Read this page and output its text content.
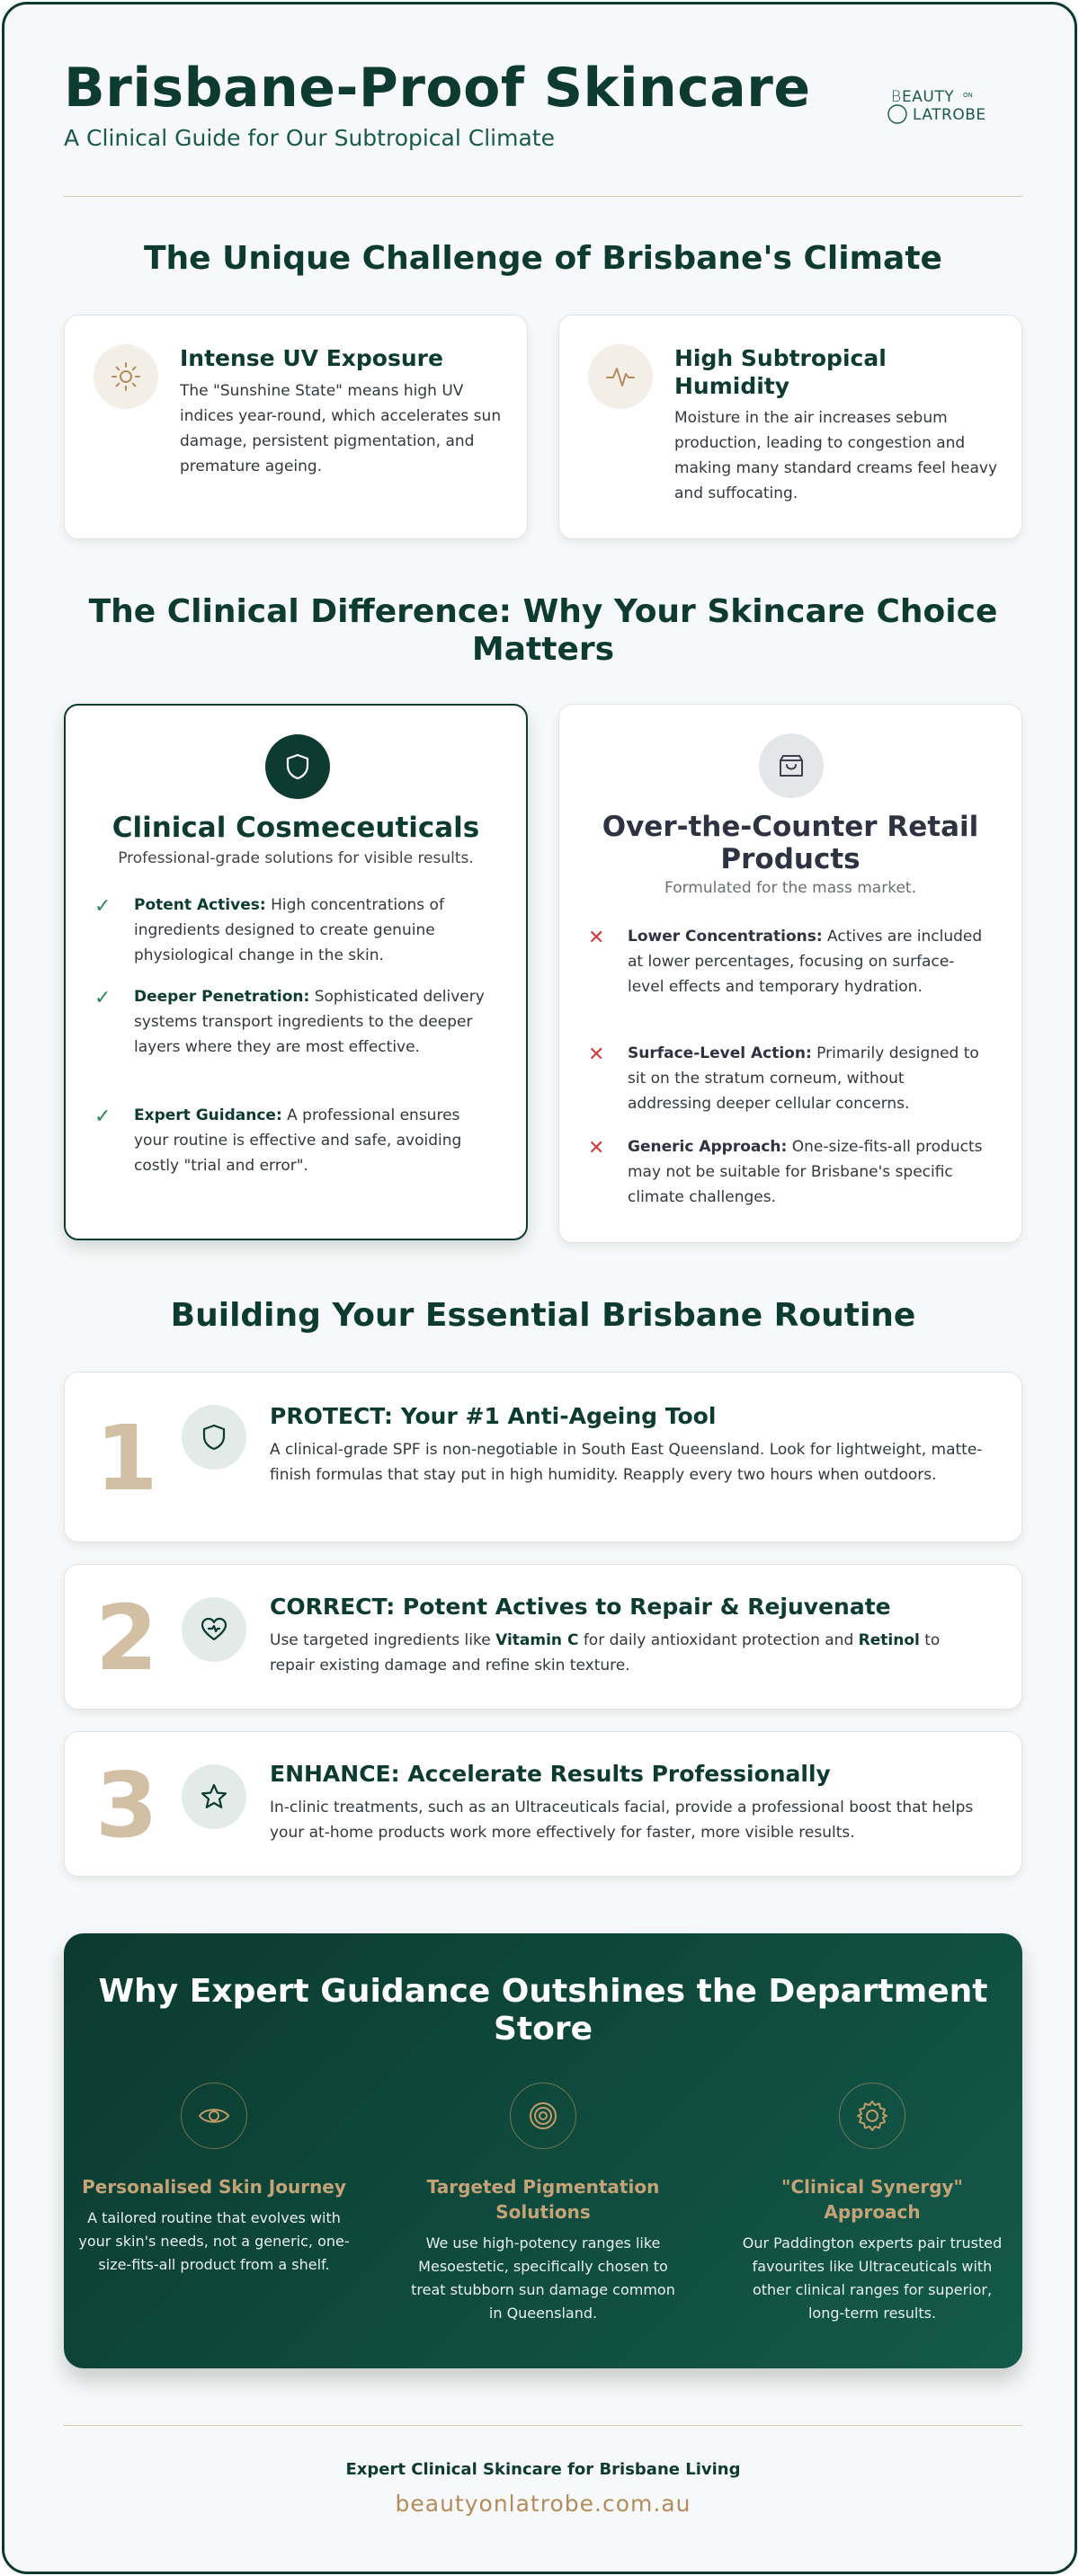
Brisbane-Proof Skincare
A Clinical Guide for Our Subtropical Climate
B EAUTY ON
LATROBE
The Unique Challenge of Brisbane's Climate
Intense UV Exposure

The "Sunshine State" means high UV indices year-round, which accelerates sun damage, persistent pigmentation, and premature ageing.

High Subtropical Humidity

Moisture in the air increases sebum production, leading to congestion and making many standard creams feel heavy and suffocating.

The Clinical Difference: Why Your Skincare Choice Matters
Clinical Cosmeceuticals
Professional-grade solutions for visible results.
✓ Potent Actives: High concentrations of ingredients designed to create genuine physiological change in the skin.
✓ Deeper Penetration: Sophisticated delivery systems transport ingredients to the deeper layers where they are most effective.
✓ Expert Guidance: A professional ensures your routine is effective and safe, avoiding costly "trial and error".
Over-the-Counter Retail Products
Formulated for the mass market.
✕ Lower Concentrations: Actives are included at lower percentages, focusing on surface-level effects and temporary hydration.
✕ Surface-Level Action: Primarily designed to sit on the stratum corneum, without addressing deeper cellular concerns.
✕ Generic Approach: One-size-fits-all products may not be suitable for Brisbane's specific climate challenges.
Building Your Essential Brisbane Routine
1	PROTECT: Your #1 Anti-Ageing Tool

A clinical-grade SPF is non-negotiable in South East Queensland. Look for lightweight, matte-finish formulas that stay put in high humidity. Reapply every two hours when outdoors.

2	CORRECT: Potent Actives to Repair & Rejuvenate

Use targeted ingredients like Vitamin C for daily antioxidant protection and Retinol to repair existing damage and refine skin texture.

3	ENHANCE: Accelerate Results Professionally

In-clinic treatments, such as an Ultraceuticals facial, provide a professional boost that helps your at-home products work more effectively for faster, more visible results.

Why Expert Guidance Outshines the Department Store
Personalised Skin Journey

A tailored routine that evolves with your skin's needs, not a generic, one-size-fits-all product from a shelf.

Targeted Pigmentation Solutions

We use high-potency ranges like Mesoestetic, specifically chosen to treat stubborn sun damage common in Queensland.

"Clinical Synergy" Approach

Our Paddington experts pair trusted favourites like Ultraceuticals with other clinical ranges for superior, long-term results.

Expert Clinical Skincare for Brisbane Living
beautyonlatrobe.com.au
